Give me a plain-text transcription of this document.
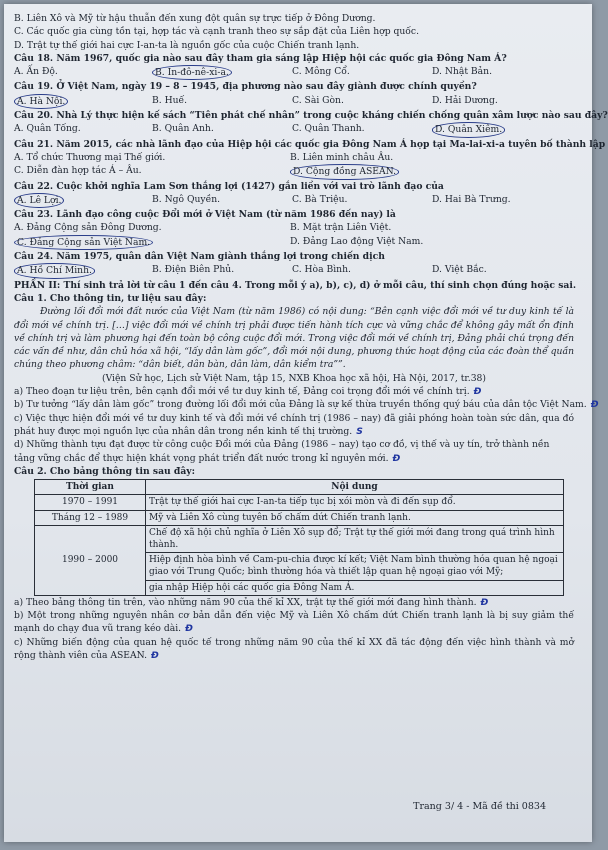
B. Liên Xô và Mỹ từ hậu thuẫn đến xung đột quân sự trực tiếp ở Đông Dương.
C. Các quốc gia cùng tồn tại, hợp tác và cạnh tranh theo sự sắp đặt của Liên hợp quốc.
D. Trật tự thế giới hai cực I-an-ta là nguồn gốc của cuộc Chiến tranh lạnh.
Câu 18. Năm 1967, quốc gia nào sau đây tham gia sáng lập Hiệp hội các quốc gia Đông Nam Á?
A. Ấn Độ.	B. In-đô-nê-xi-a.	C. Mông Cổ.	D. Nhật Bản.
Câu 19. Ở Việt Nam, ngày 19 – 8 – 1945, địa phương nào sau đây giành được chính quyền?
A. Hà Nội.	B. Huế.	C. Sài Gòn.	D. Hải Dương.
Câu 20. Nhà Lý thực hiện kế sách “Tiên phát chế nhân” trong cuộc kháng chiến chống quân xâm lược nào sau đây?
A. Quân Tống.	B. Quân Anh.	C. Quân Thanh.	D. Quân Xiêm.
Câu 21. Năm 2015, các nhà lãnh đạo của Hiệp hội các quốc gia Đông Nam Á họp tại Ma-lai-xi-a tuyên bố thành lập
A. Tổ chức Thương mại Thế giới.	B. Liên minh châu Âu.
C. Diễn đàn hợp tác Á – Âu.	D. Cộng đồng ASEAN.
Câu 22. Cuộc khởi nghĩa Lam Sơn thắng lợi (1427) gắn liền với vai trò lãnh đạo của
A. Lê Lợi.	B. Ngô Quyền.	C. Bà Triệu.	D. Hai Bà Trưng.
Câu 23. Lãnh đạo công cuộc Đổi mới ở Việt Nam (từ năm 1986 đến nay) là
A. Đảng Cộng sản Đông Dương.	B. Mặt trận Liên Việt.
C. Đảng Cộng sản Việt Nam.	D. Đảng Lao động Việt Nam.
Câu 24. Năm 1975, quân dân Việt Nam giành thắng lợi trong chiến dịch
A. Hồ Chí Minh.	B. Điện Biên Phủ.	C. Hòa Bình.	D. Việt Bắc.
PHẦN II: Thí sinh trả lời từ câu 1 đến câu 4. Trong mỗi ý a), b), c), d) ở mỗi câu, thí sinh chọn đúng hoặc sai.
Câu 1. Cho thông tin, tư liệu sau đây:
Đường lối đổi mới đất nước của Việt Nam (từ năm 1986) có nội dung: “Bên cạnh việc đổi mới về tư duy kinh tế là đổi mới về chính trị. […] việc đổi mới về chính trị phải được tiến hành tích cực và vững chắc để không gây mất ổn định về chính trị và làm phương hại đến toàn bộ công cuộc đổi mới. Trong việc đổi mới về chính trị, Đảng phải chú trọng đến các vấn đề như, dân chủ hóa xã hội, “lấy dân làm gốc”, đổi mới nội dung, phương thức hoạt động của các đoàn thể quần chúng theo phương châm: “dân biết, dân bàn, dân làm, dân kiểm tra””.
(Viện Sử học, Lịch sử Việt Nam, tập 15, NXB Khoa học xã hội, Hà Nội, 2017, tr.38)
a) Theo đoạn tư liệu trên, bên cạnh đổi mới về tư duy kinh tế, Đảng coi trọng đổi mới về chính trị. Đ
b) Tư tưởng “lấy dân làm gốc” trong đường lối đổi mới của Đảng là sự kế thừa truyền thống quý báu của dân tộc Việt Nam. Đ
c) Việc thực hiện đổi mới về tư duy kinh tế và đổi mới về chính trị (1986 – nay) đã giải phóng hoàn toàn sức dân, qua đó phát huy được mọi nguồn lực của nhân dân trong nền kinh tế thị trường. S
d) Những thành tựu đạt được từ công cuộc Đổi mới của Đảng (1986 – nay) tạo cơ đồ, vị thế và uy tín, trở thành nền
tảng vững chắc để thực hiện khát vọng phát triển đất nước trong kỉ nguyên mới. Đ
Câu 2. Cho bảng thông tin sau đây:
Thời gian	Nội dung
1970 – 1991	Trật tự thế giới hai cực I-an-ta tiếp tục bị xói mòn và đi đến sụp đổ.
Tháng 12 – 1989	Mỹ và Liên Xô cùng tuyên bố chấm dứt Chiến tranh lạnh.
1990 – 2000	Chế độ xã hội chủ nghĩa ở Liên Xô sụp đổ; Trật tự thế giới mới đang trong quá trình hình thành.
	Hiệp định hòa bình về Cam-pu-chia được kí kết; Việt Nam bình thường hóa quan hệ ngoại giao với Trung Quốc; bình thường hóa và thiết lập quan hệ ngoại giao với Mỹ;
	gia nhập Hiệp hội các quốc gia Đông Nam Á.
a) Theo bảng thông tin trên, vào những năm 90 của thế kỉ XX, trật tự thế giới mới đang hình thành. Đ
b) Một trong những nguyên nhân cơ bản dẫn đến việc Mỹ và Liên Xô chấm dứt Chiến tranh lạnh là bị suy giảm thế mạnh do chạy đua vũ trang kéo dài. Đ
c) Những biến động của quan hệ quốc tế trong những năm 90 của thế kỉ XX đã tác động đến việc hình thành và mở rộng thành viên của ASEAN. Đ
Trang 3/ 4 - Mã đề thi 0834
